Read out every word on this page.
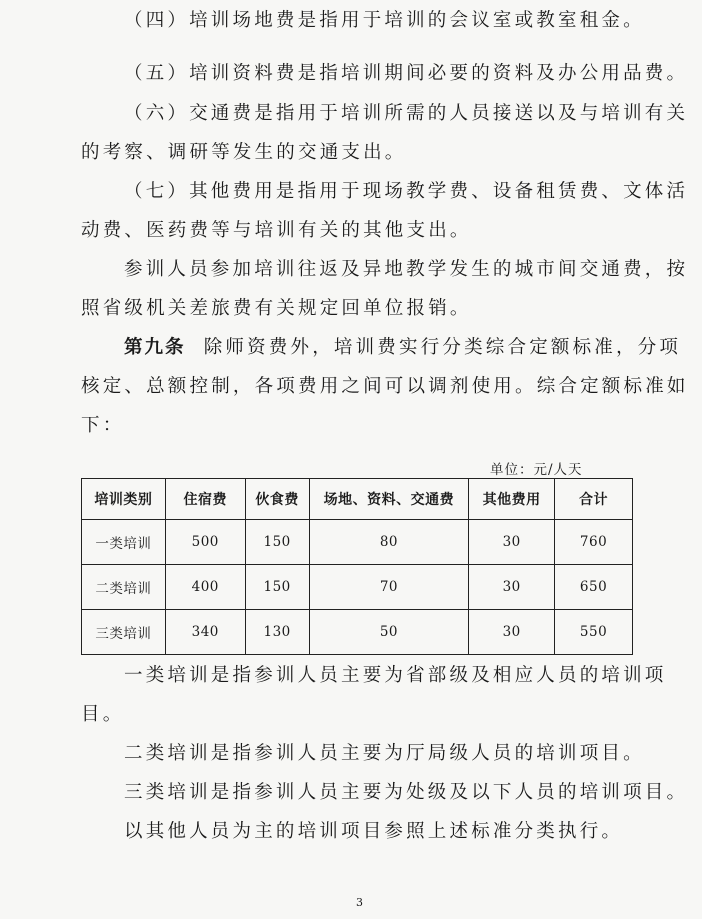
（四）培训场地费是指用于培训的会议室或教室租金。
（五）培训资料费是指培训期间必要的资料及办公用品费。
（六）交通费是指用于培训所需的人员接送以及与培训有关
的考察、调研等发生的交通支出。
（七）其他费用是指用于现场教学费、设备租赁费、文体活
动费、医药费等与培训有关的其他支出。
参训人员参加培训往返及异地教学发生的城市间交通费，按
照省级机关差旅费有关规定回单位报销。
第九条 除师资费外，培训费实行分类综合定额标准，分项
核定、总额控制，各项费用之间可以调剂使用。综合定额标准如
下：
单位：元/人天
培训类别	住宿费	伙食费	场地、资料、交通费	其他费用	合计
一类培训	500	150	80	30	760
二类培训	400	150	70	30	650
三类培训	340	130	50	30	550
一类培训是指参训人员主要为省部级及相应人员的培训项
目。
二类培训是指参训人员主要为厅局级人员的培训项目。
三类培训是指参训人员主要为处级及以下人员的培训项目。
以其他人员为主的培训项目参照上述标准分类执行。
3
